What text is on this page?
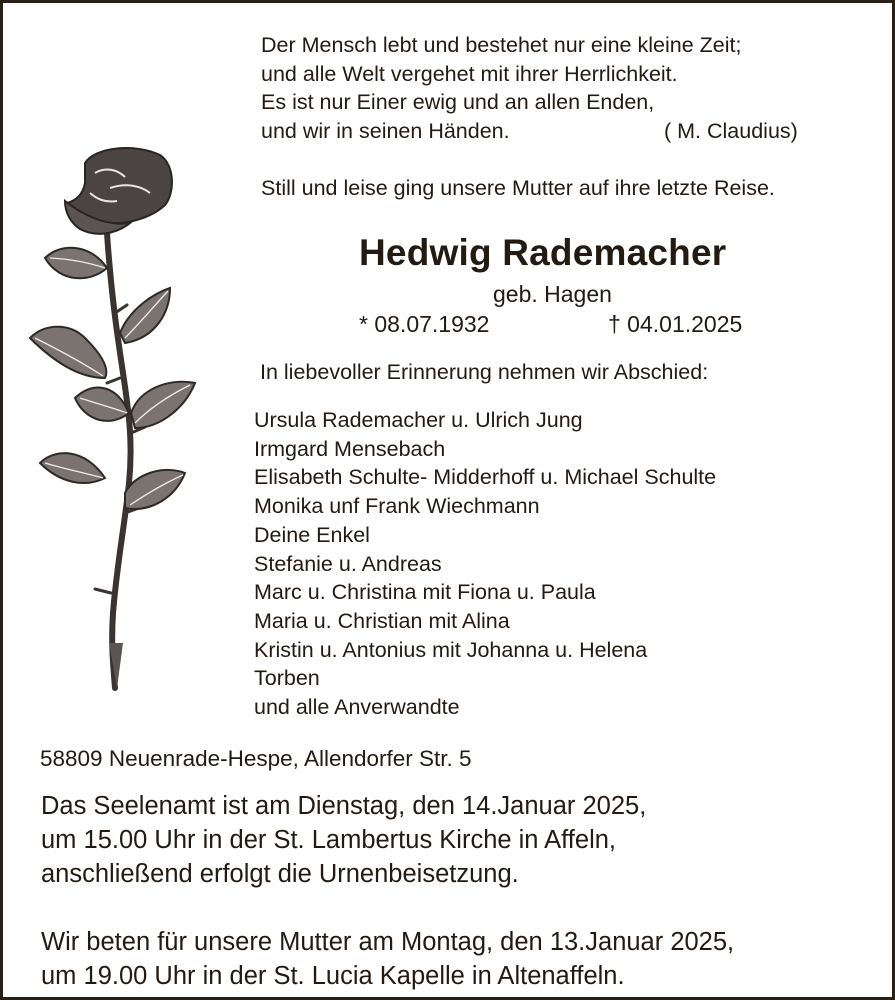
Der Mensch lebt und bestehet nur eine kleine Zeit;
und alle Welt vergehet mit ihrer Herrlichkeit.
Es ist nur Einer ewig und an allen Enden,
und wir in seinen Händen.	( M. Claudius)
Still und leise ging unsere Mutter auf ihre letzte Reise.
Hedwig Rademacher
geb. Hagen
* 08.07.1932	† 04.01.2025
In liebevoller Erinnerung nehmen wir Abschied:
Ursula Rademacher u. Ulrich Jung
Irmgard Mensebach
Elisabeth Schulte- Midderhoff u. Michael Schulte
Monika unf Frank Wiechmann
Deine Enkel
Stefanie u. Andreas
Marc u. Christina mit Fiona u. Paula
Maria u. Christian mit Alina
Kristin u. Antonius mit Johanna u. Helena
Torben
und alle Anverwandte
58809 Neuenrade-Hespe, Allendorfer Str. 5
Das Seelenamt ist am Dienstag, den 14.Januar 2025,
um 15.00 Uhr in der St. Lambertus Kirche in Affeln,
anschließend erfolgt die Urnenbeisetzung.
Wir beten für unsere Mutter am Montag, den 13.Januar 2025,
um 19.00 Uhr in der St. Lucia Kapelle in Altenaffeln.
